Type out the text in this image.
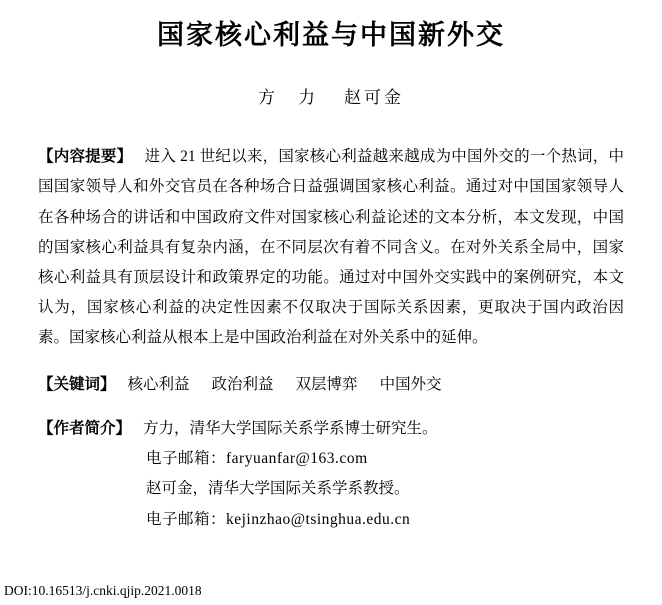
国家核心利益与中国新外交
方　力 赵可金

【内容提要】 进入 21 世纪以来，国家核心利益越来越成为中国外交的一个热词，中国国家领导人和外交官员在各种场合日益强调国家核心利益。通过对中国国家领导人在各种场合的讲话和中国政府文件对国家核心利益论述的文本分析，本文发现，中国的国家核心利益具有复杂内涵，在不同层次有着不同含义。在对外关系全局中，国家核心利益具有顶层设计和政策界定的功能。通过对中国外交实践中的案例研究，本文认为，国家核心利益的决定性因素不仅取决于国际关系因素，更取决于国内政治因素。国家核心利益从根本上是中国政治利益在对外关系中的延伸。

【关键词】 核心利益 政治利益 双层博弈 中国外交
【作者简介】 方力，清华大学国际关系学系博士研究生。
电子邮箱：faryuanfar@163.com
赵可金，清华大学国际关系学系教授。
电子邮箱：kejinzhao@tsinghua.edu.cn
DOI:10.16513/j.cnki.qjip.2021.0018
